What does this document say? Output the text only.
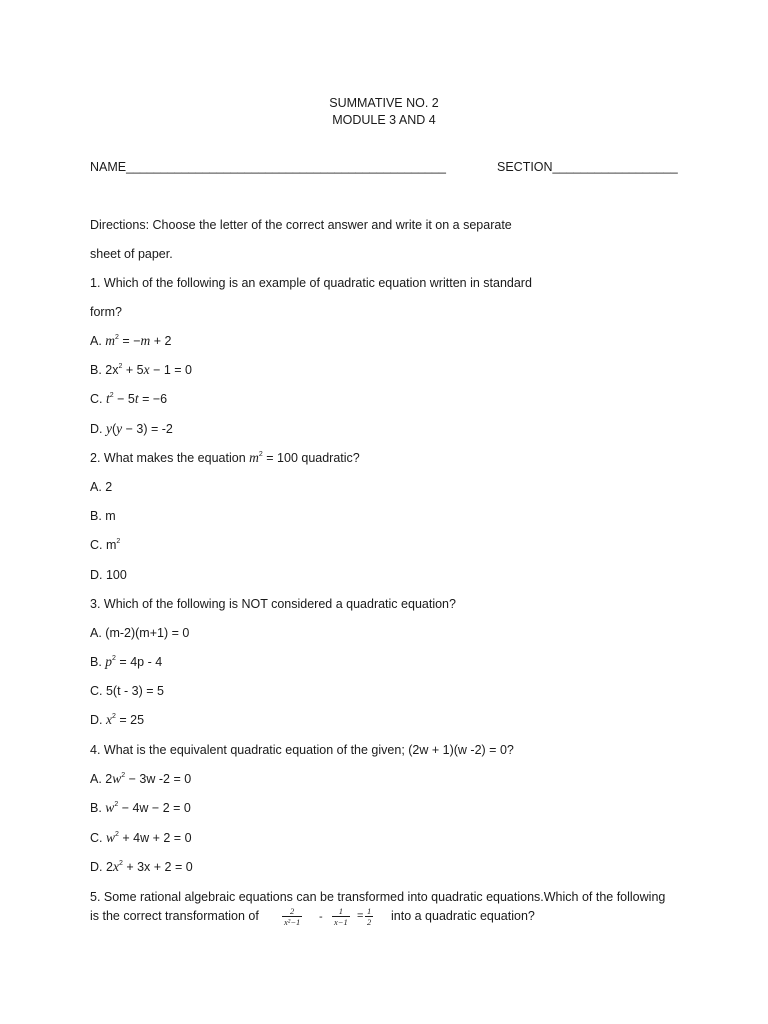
SUMMATIVE NO. 2
MODULE 3 AND 4
NAME______________________________________________	SECTION__________________
Directions: Choose the letter of the correct answer and write it on a separate
sheet of paper.
1. Which of the following is an example of quadratic equation written in standard
form?
A. $m^2 = -m + 2$
B. $2x^2 + 5x - 1 = 0$
C. $t^2 - 5t = -6$
D. y(y − 3) = -2
2. What makes the equation $m^2 = 100$ quadratic?
A. 2
B. m
C. $m^2$
D. 100
3. Which of the following is NOT considered a quadratic equation?
A. (m-2)(m+1) = 0
B. $p^2 = 4p - 4$
C. 5(t - 3) = 5
D. $x^2 = 25$
4. What is the equivalent quadratic equation of the given; (2w + 1)(w -2) = 0?
A. $2w^2 - 3w$ -2 = 0
B. $w^2 - 4w - 2 = 0$
C. $w^2 + 4w + 2 = 0$
D. $2x^2 + 3x + 2 = 0$
5. Some rational algebraic equations can be transformed into quadratic equations.Which of the following
is the correct transformation of	$\frac{2}{\text{x²−1}} - \frac{1}{x-1} = \frac{1}{2}$ into a quadratic equation?
